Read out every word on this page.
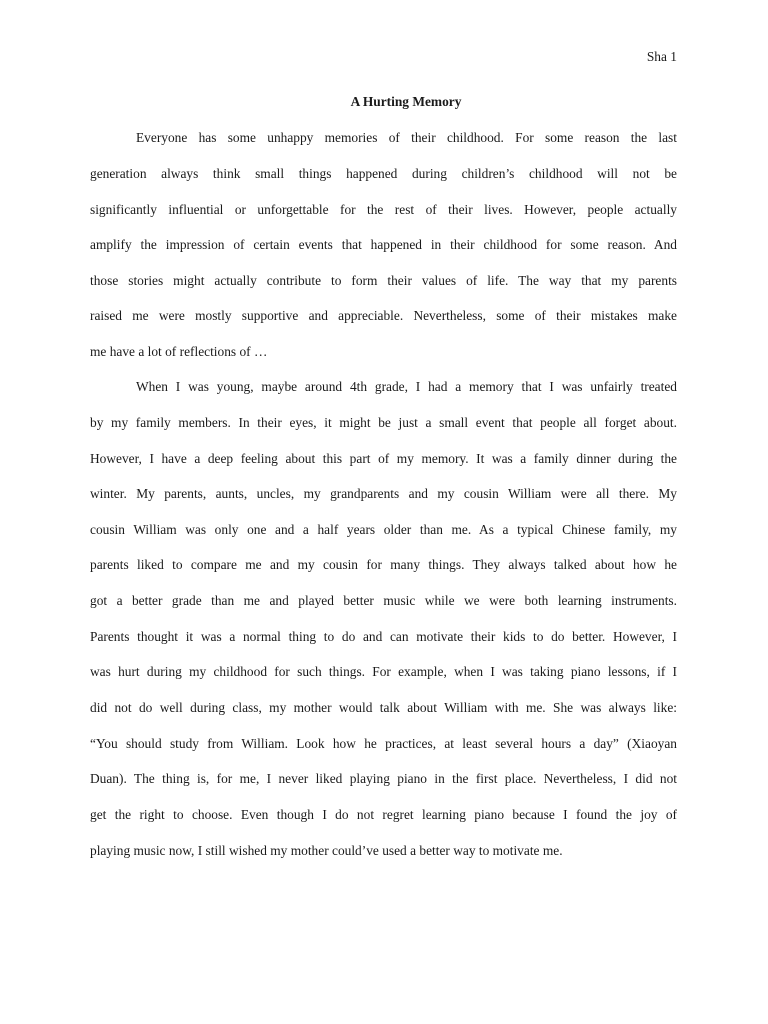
Sha 1
A Hurting Memory
Everyone has some unhappy memories of their childhood. For some reason the last
generation always think small things happened during children’s childhood will not be
significantly influential or unforgettable for the rest of their lives. However, people actually
amplify the impression of certain events that happened in their childhood for some reason. And
those stories might actually contribute to form their values of life. The way that my parents
raised me were mostly supportive and appreciable. Nevertheless, some of their mistakes make
me have a lot of reflections of …
When I was young, maybe around 4th grade, I had a memory that I was unfairly treated
by my family members. In their eyes, it might be just a small event that people all forget about.
However, I have a deep feeling about this part of my memory. It was a family dinner during the
winter. My parents, aunts, uncles, my grandparents and my cousin William were all there. My
cousin William was only one and a half years older than me. As a typical Chinese family, my
parents liked to compare me and my cousin for many things. They always talked about how he
got a better grade than me and played better music while we were both learning instruments.
Parents thought it was a normal thing to do and can motivate their kids to do better. However, I
was hurt during my childhood for such things. For example, when I was taking piano lessons, if I
did not do well during class, my mother would talk about William with me. She was always like:
“You should study from William. Look how he practices, at least several hours a day” (Xiaoyan
Duan). The thing is, for me, I never liked playing piano in the first place. Nevertheless, I did not
get the right to choose. Even though I do not regret learning piano because I found the joy of
playing music now, I still wished my mother could’ve used a better way to motivate me.
